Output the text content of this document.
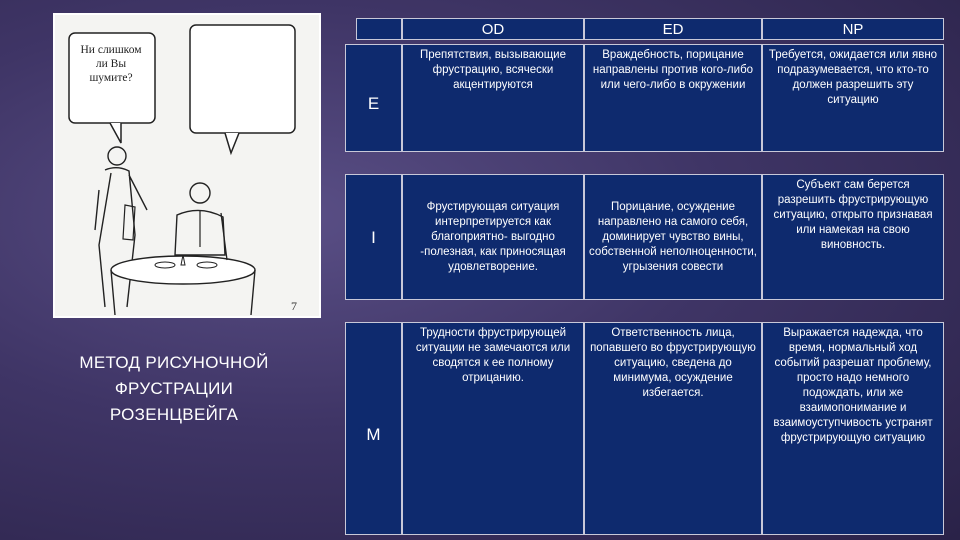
Ни слишком ли Вы шумите?
7
МЕТОД РИСУНОЧНОЙ ФРУСТРАЦИИ РОЗЕНЦВЕЙГА
OD	ED	NP
E
Препятствия, вызывающие фрустрацию, всячески акцентируются
Враждебность, порицание направлены против кого-либо или чего-либо в окружении
Требуется, ожидается или явно подразумевается, что кто-то должен разрешить эту ситуацию
I
Фрустирующая ситуация интерпретируется как благоприятно- выгодно -полезная, как приносящая удовлетворение.
Порицание, осуждение направлено на самого себя, доминирует чувство вины, собственной неполноценности, угрызения совести
Субъект сам берется разрешить фрустрирующую ситуацию, открыто признавая или намекая на свою виновность.
M
Трудности фрустрирующей ситуации не замечаются или сводятся к ее полному отрицанию.
Ответственность лица, попавшего во фрустрирующую ситуацию, сведена до минимума, осуждение избегается.
Выражается надежда, что время, нормальный ход событий разрешат проблему, просто надо немного подождать, или же взаимопонимание и взаимоуступчивость устранят фрустрирующую ситуацию
